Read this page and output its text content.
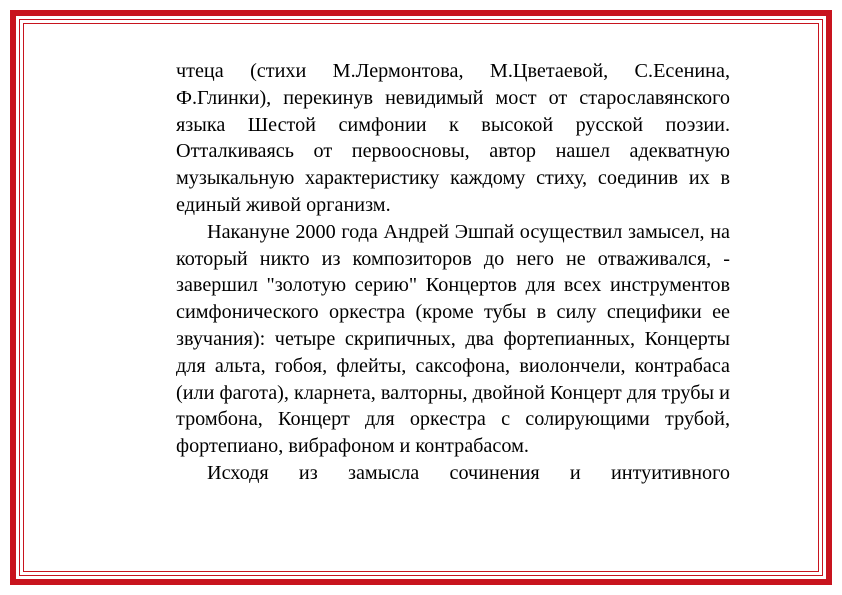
чтеца (стихи М.Лермонтова, М.Цветаевой, С.Есенина, Ф.Глинки), перекинув невидимый мост от старославянского языка Шестой симфонии к высокой русской поэзии. Отталкиваясь от первоосновы, автор нашел адекватную музыкальную характеристику каждому стиху, соединив их в единый живой организм.

Накануне 2000 года Андрей Эшпай осуществил замысел, на который никто из композиторов до него не отваживался, - завершил "золотую серию" Концертов для всех инструментов симфонического оркестра (кроме тубы в силу специфики ее звучания): четыре скрипичных, два фортепианных, Концерты для альта, гобоя, флейты, саксофона, виолончели, контрабаса (или фагота), кларнета, валторны, двойной Концерт для трубы и тромбона, Концерт для оркестра с солирующими трубой, фортепиано, вибрафоном и контрабасом.

Исходя из замысла сочинения и интуитивного
